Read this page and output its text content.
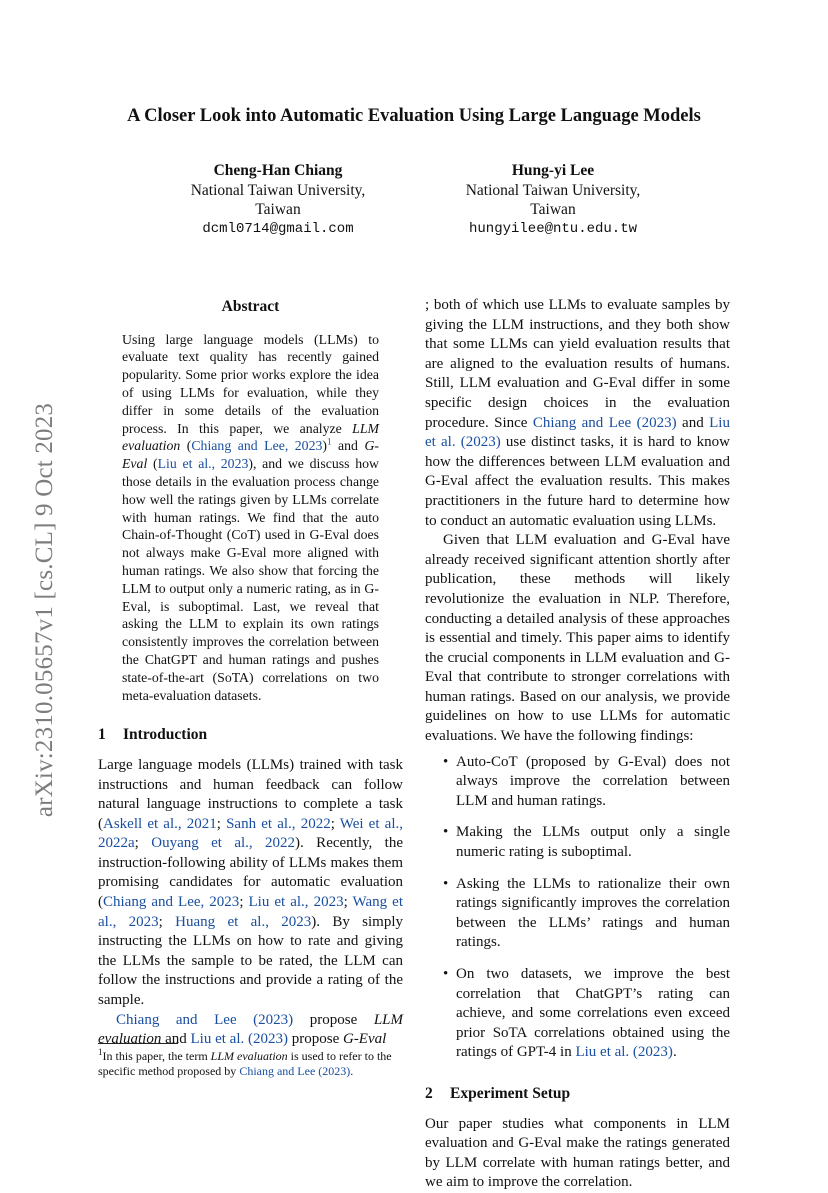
arXiv:2310.05657v1 [cs.CL] 9 Oct 2023
A Closer Look into Automatic Evaluation Using Large Language Models
Cheng-Han Chiang
National Taiwan University,
Taiwan
dcml0714@gmail.com
Hung-yi Lee
National Taiwan University,
Taiwan
hungyilee@ntu.edu.tw
Abstract
Using large language models (LLMs) to evaluate text quality has recently gained popularity. Some prior works explore the idea of using LLMs for evaluation, while they differ in some details of the evaluation process. In this paper, we analyze LLM evaluation (Chiang and Lee, 2023)$^1$ and G-Eval (Liu et al., 2023), and we discuss how those details in the evaluation process change how well the ratings given by LLMs correlate with human ratings. We find that the auto Chain-of-Thought (CoT) used in G-Eval does not always make G-Eval more aligned with human ratings. We also show that forcing the LLM to output only a numeric rating, as in G-Eval, is suboptimal. Last, we reveal that asking the LLM to explain its own ratings consistently improves the correlation between the ChatGPT and human ratings and pushes state-of-the-art (SoTA) correlations on two meta-evaluation datasets.
1 Introduction

Large language models (LLMs) trained with task instructions and human feedback can follow natural language instructions to complete a task (Askell et al., 2021; Sanh et al., 2022; Wei et al., 2022a; Ouyang et al., 2022). Recently, the instruction-following ability of LLMs makes them promising candidates for automatic evaluation (Chiang and Lee, 2023; Liu et al., 2023; Wang et al., 2023; Huang et al., 2023). By simply instructing the LLMs on how to rate and giving the LLMs the sample to be rated, the LLM can follow the instructions and provide a rating of the sample.

Chiang and Lee (2023) propose LLM evaluation and Liu et al. (2023) propose G-Eval

; both of which use LLMs to evaluate samples by giving the LLM instructions, and they both show that some LLMs can yield evaluation results that are aligned to the evaluation results of humans. Still, LLM evaluation and G-Eval differ in some specific design choices in the evaluation procedure. Since Chiang and Lee (2023) and Liu et al. (2023) use distinct tasks, it is hard to know how the differences between LLM evaluation and G-Eval affect the evaluation results. This makes practitioners in the future hard to determine how to conduct an automatic evaluation using LLMs.

Given that LLM evaluation and G-Eval have already received significant attention shortly after publication, these methods will likely revolutionize the evaluation in NLP. Therefore, conducting a detailed analysis of these approaches is essential and timely. This paper aims to identify the crucial components in LLM evaluation and G-Eval that contribute to stronger correlations with human ratings. Based on our analysis, we provide guidelines on how to use LLMs for automatic evaluations. We have the following findings:

• Auto-CoT (proposed by G-Eval) does not always improve the correlation between LLM and human ratings.
• Making the LLMs output only a single numeric rating is suboptimal.
• Asking the LLMs to rationalize their own ratings significantly improves the correlation between the LLMs’ ratings and human ratings.
• On two datasets, we improve the best correlation that ChatGPT’s rating can achieve, and some correlations even exceed prior SoTA correlations obtained using the ratings of GPT-4 in Liu et al. (2023).
2 Experiment Setup

Our paper studies what components in LLM evaluation and G-Eval make the ratings generated by LLM correlate with human ratings better, and we aim to improve the correlation.

$^1$In this paper, the term LLM evaluation is used to refer to the specific method proposed by Chiang and Lee (2023).
